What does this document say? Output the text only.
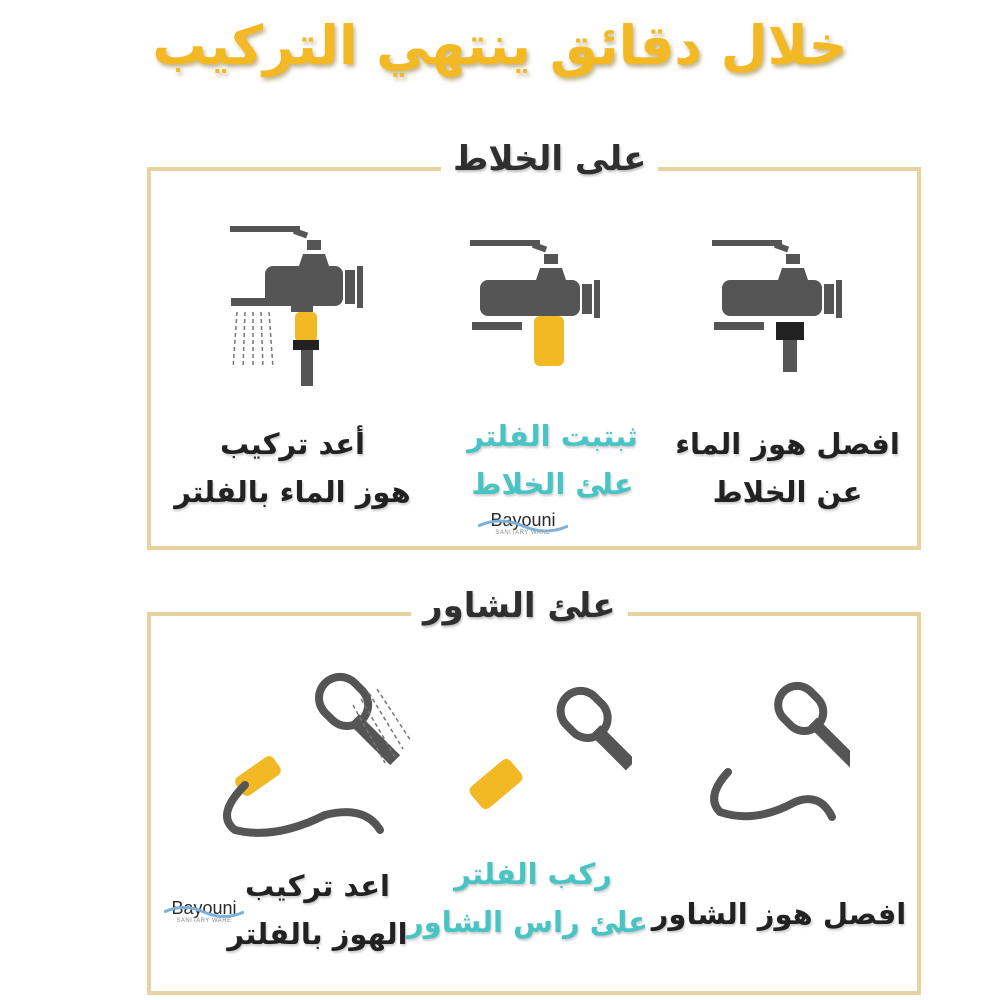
خلال دقائق ينتهي التركيب
على الخلاط
أعد تركيب
هوز الماء بالفلتر
ثبتبت الفلتر
علئ الخلاط
افصل هوز الماء
عن الخلاط
Bayouni
SANITARY WARE
علئ الشاور
اعد تركيب
الهوز بالفلتر
ركب الفلتر
علئ راس الشاور افصل هوز الشاور
Bayouni
SANITARY WARE
